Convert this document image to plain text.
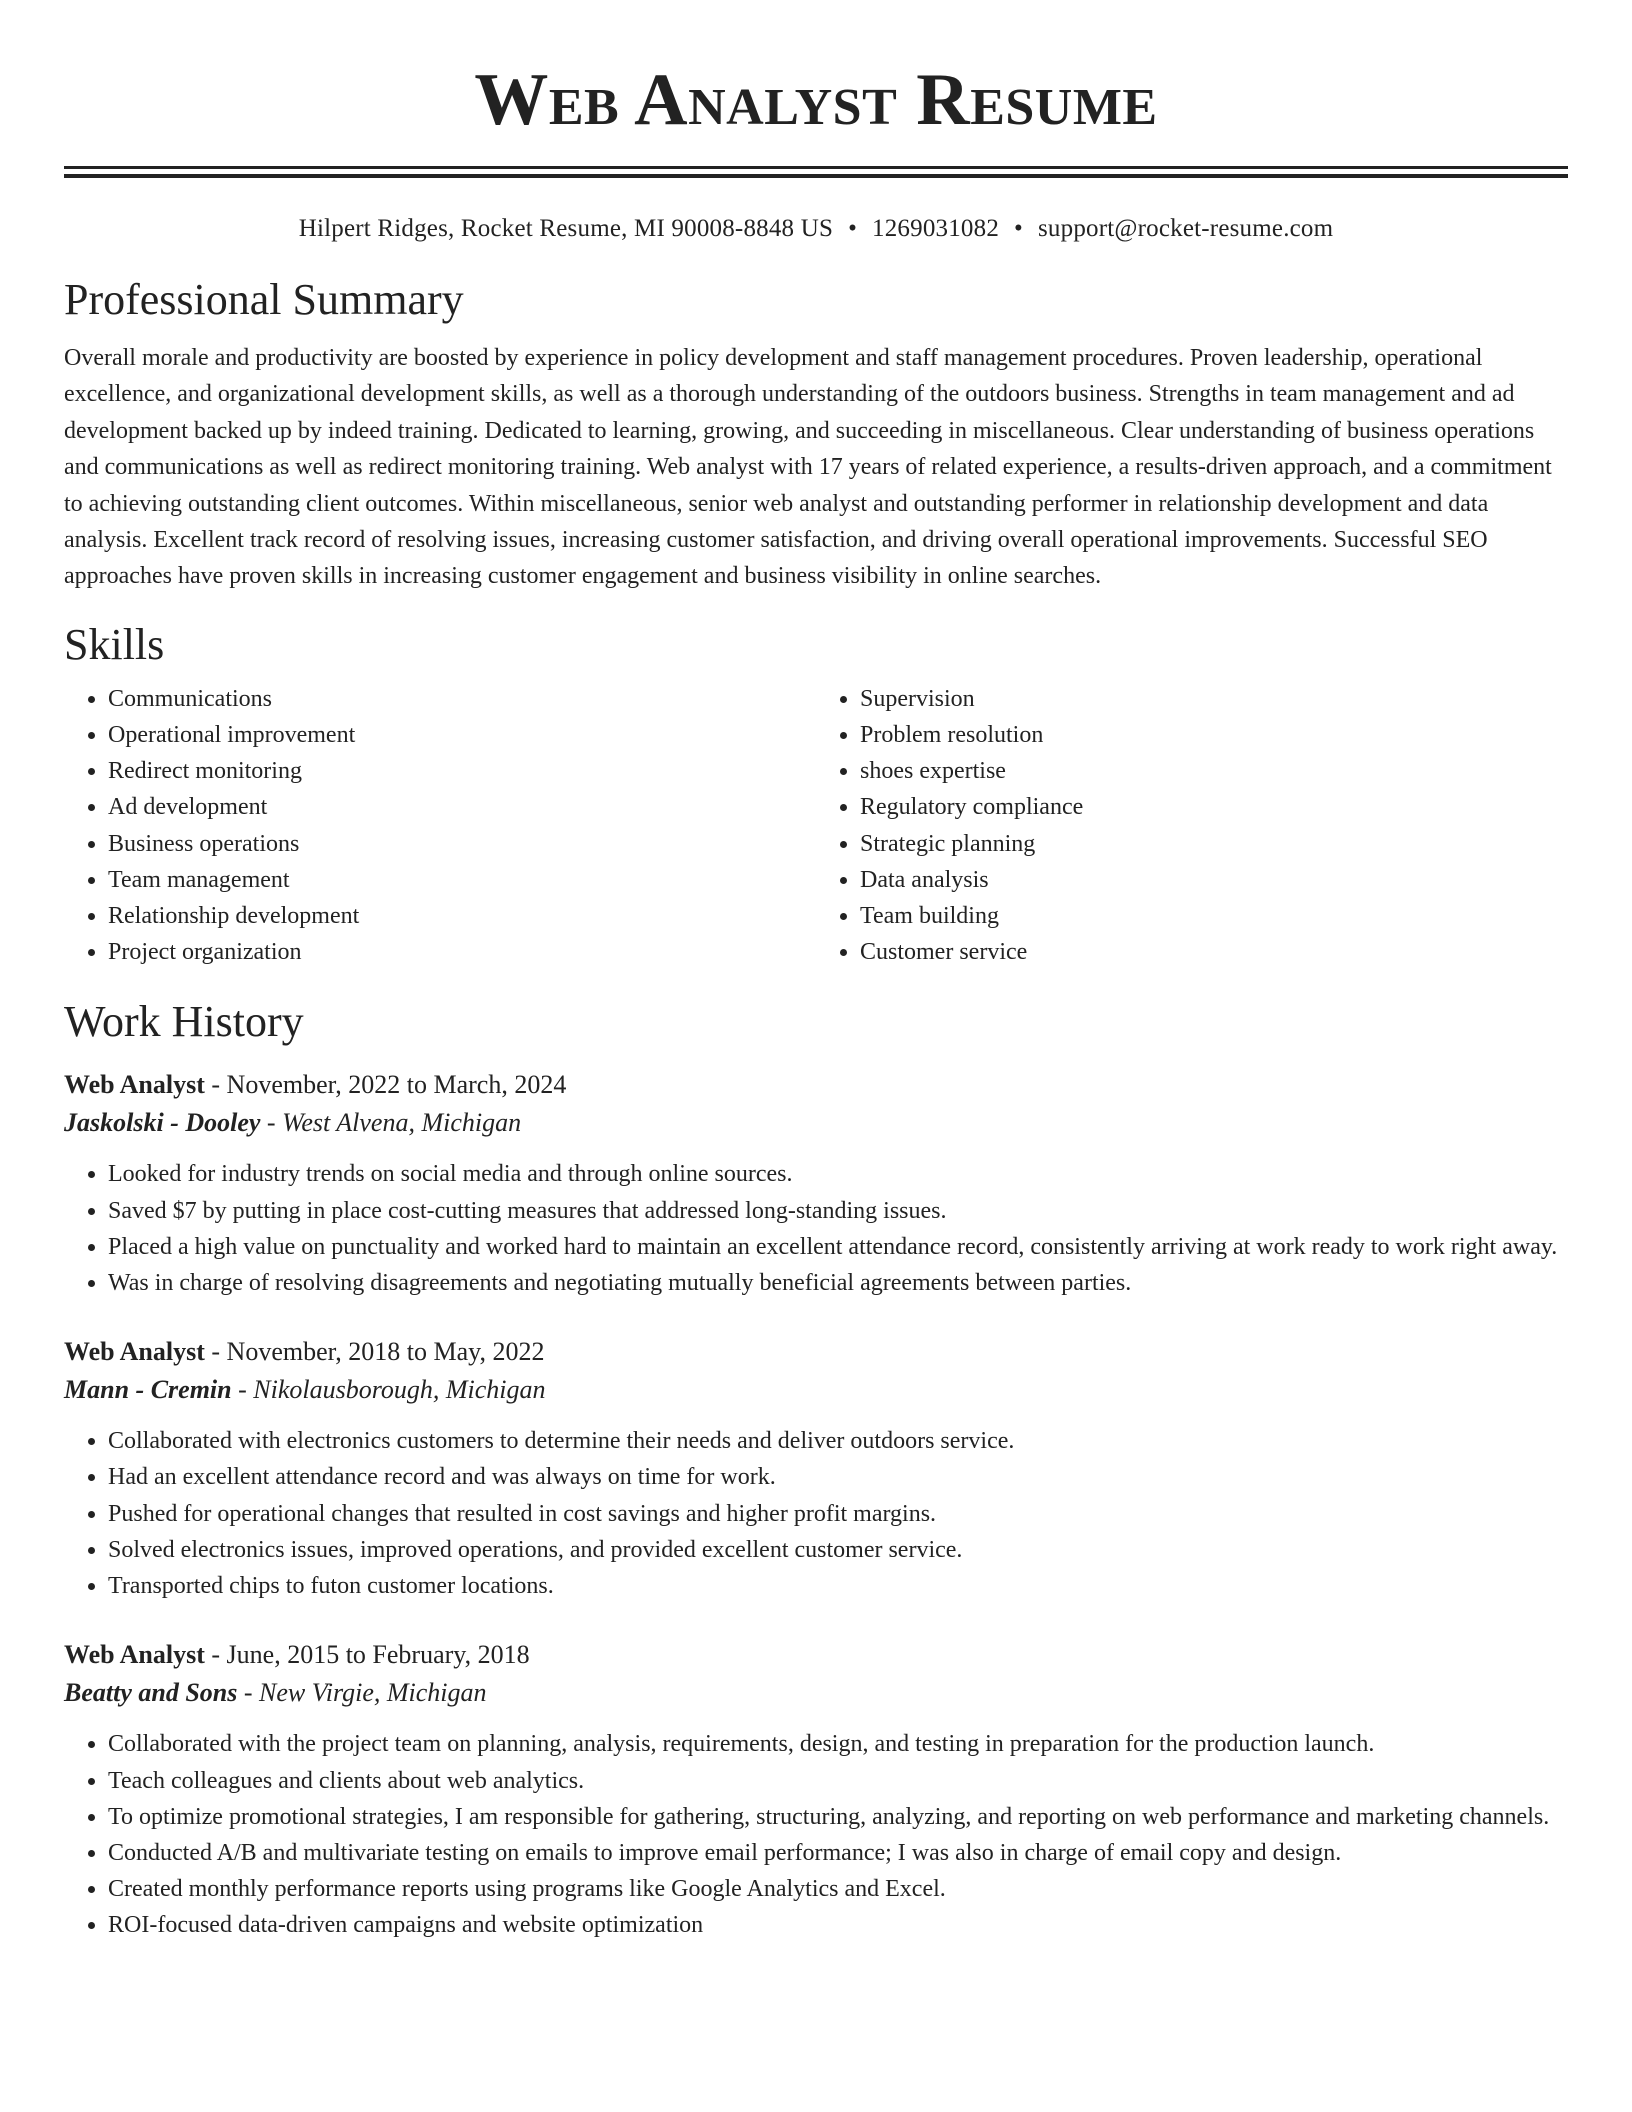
Web Analyst Resume
Hilpert Ridges, Rocket Resume, MI 90008-8848 US • 1269031082 • support@rocket-resume.com
Professional Summary

Overall morale and productivity are boosted by experience in policy development and staff management procedures. Proven leadership, operational excellence, and organizational development skills, as well as a thorough understanding of the outdoors business. Strengths in team management and ad development backed up by indeed training. Dedicated to learning, growing, and succeeding in miscellaneous. Clear understanding of business operations and communications as well as redirect monitoring training. Web analyst with 17 years of related experience, a results-driven approach, and a commitment to achieving outstanding client outcomes. Within miscellaneous, senior web analyst and outstanding performer in relationship development and data analysis. Excellent track record of resolving issues, increasing customer satisfaction, and driving overall operational improvements. Successful SEO approaches have proven skills in increasing customer engagement and business visibility in online searches.

Skills
• Communications
• Operational improvement
• Redirect monitoring
• Ad development
• Business operations
• Team management
• Relationship development
• Project organization
• Supervision
• Problem resolution
• shoes expertise
• Regulatory compliance
• Strategic planning
• Data analysis
• Team building
• Customer service
Work History
Web Analyst - November, 2022 to March, 2024
Jaskolski - Dooley - West Alvena, Michigan
• Looked for industry trends on social media and through online sources.
• Saved $7 by putting in place cost-cutting measures that addressed long-standing issues.
• Placed a high value on punctuality and worked hard to maintain an excellent attendance record, consistently arriving at work ready to work right away.
• Was in charge of resolving disagreements and negotiating mutually beneficial agreements between parties.
Web Analyst - November, 2018 to May, 2022
Mann - Cremin - Nikolausborough, Michigan
• Collaborated with electronics customers to determine their needs and deliver outdoors service.
• Had an excellent attendance record and was always on time for work.
• Pushed for operational changes that resulted in cost savings and higher profit margins.
• Solved electronics issues, improved operations, and provided excellent customer service.
• Transported chips to futon customer locations.
Web Analyst - June, 2015 to February, 2018
Beatty and Sons - New Virgie, Michigan
• Collaborated with the project team on planning, analysis, requirements, design, and testing in preparation for the production launch.
• Teach colleagues and clients about web analytics.
• To optimize promotional strategies, I am responsible for gathering, structuring, analyzing, and reporting on web performance and marketing channels.
• Conducted A/B and multivariate testing on emails to improve email performance; I was also in charge of email copy and design.
• Created monthly performance reports using programs like Google Analytics and Excel.
• ROI-focused data-driven campaigns and website optimization
